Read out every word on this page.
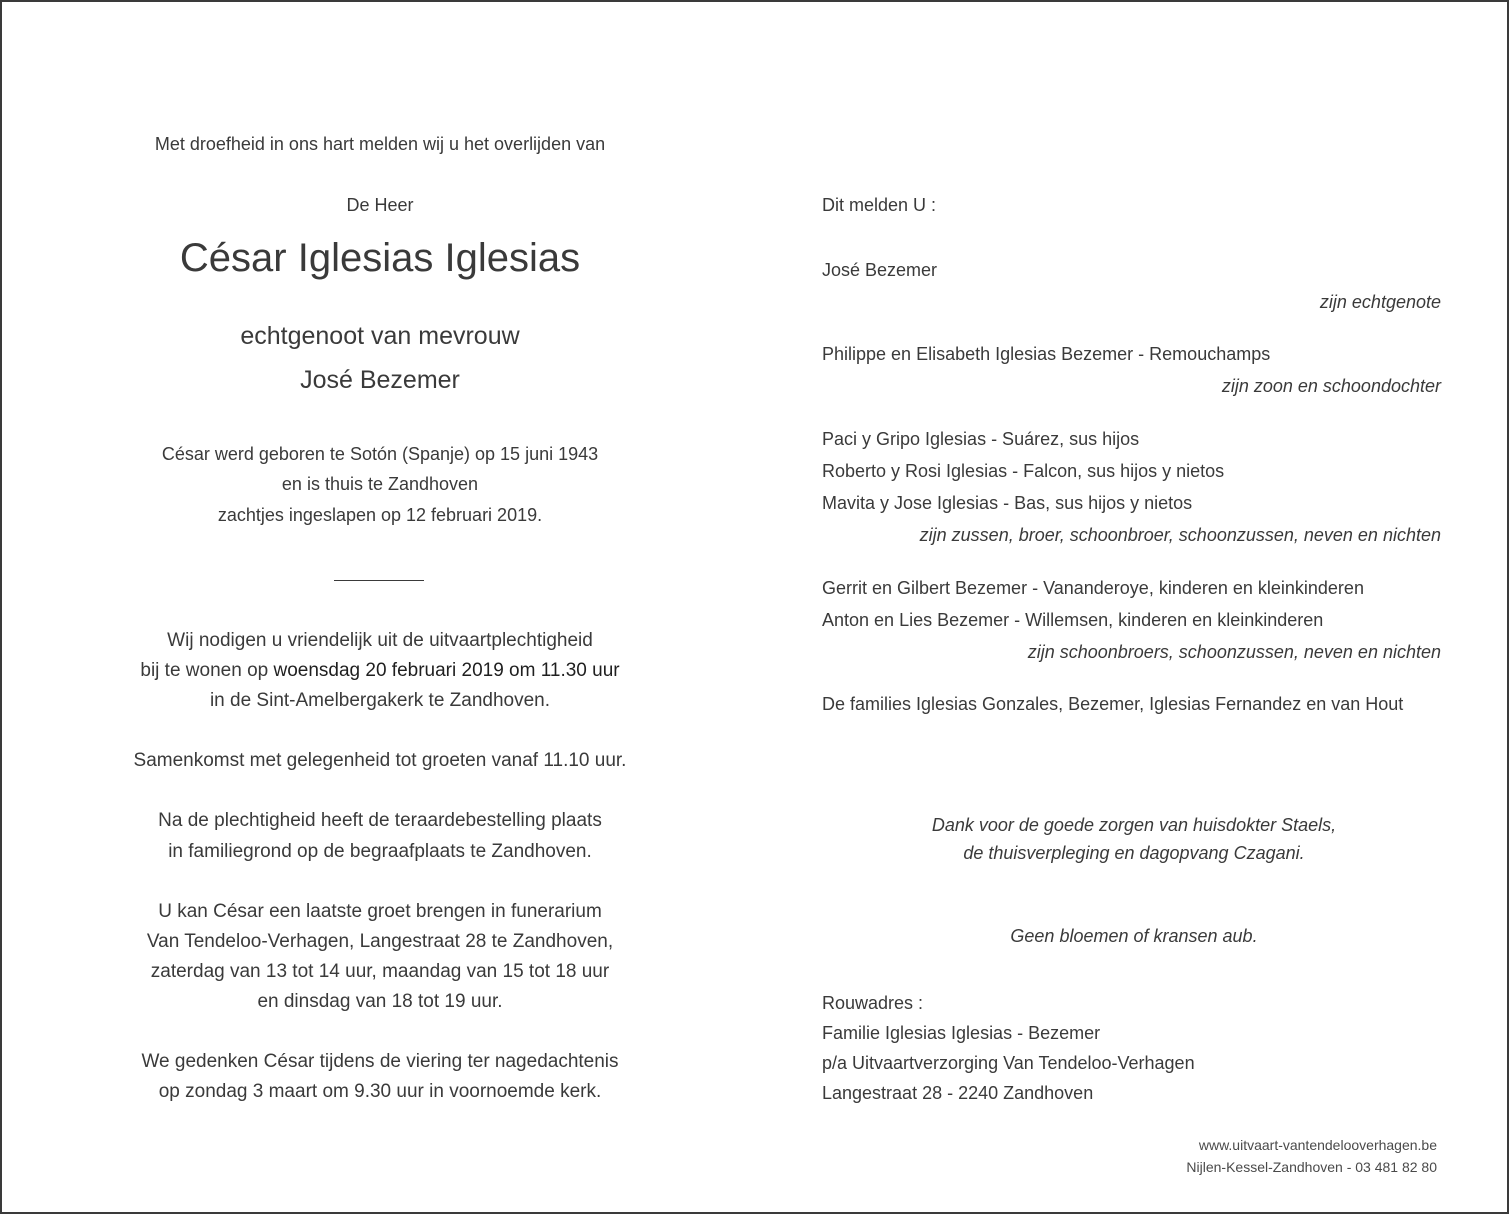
Met droefheid in ons hart melden wij u het overlijden van
De Heer
César Iglesias Iglesias
echtgenoot van mevrouw
José Bezemer
César werd geboren te Sotón (Spanje) op 15 juni 1943
en is thuis te Zandhoven
zachtjes ingeslapen op 12 februari 2019.
Wij nodigen u vriendelijk uit de uitvaartplechtigheid
bij te wonen op woensdag 20 februari 2019 om 11.30 uur
in de Sint-Amelbergakerk te Zandhoven.
Samenkomst met gelegenheid tot groeten vanaf 11.10 uur.
Na de plechtigheid heeft de teraardebestelling plaats
in familiegrond op de begraafplaats te Zandhoven.
U kan César een laatste groet brengen in funerarium
Van Tendeloo-Verhagen, Langestraat 28 te Zandhoven,
zaterdag van 13 tot 14 uur, maandag van 15 tot 18 uur
en dinsdag van 18 tot 19 uur.
We gedenken César tijdens de viering ter nagedachtenis
op zondag 3 maart om 9.30 uur in voornoemde kerk.
Dit melden U :
José Bezemer
zijn echtgenote
Philippe en Elisabeth Iglesias Bezemer - Remouchamps
zijn zoon en schoondochter
Paci y Gripo Iglesias - Suárez, sus hijos
Roberto y Rosi Iglesias - Falcon, sus hijos y nietos
Mavita y Jose Iglesias - Bas, sus hijos y nietos
zijn zussen, broer, schoonbroer, schoonzussen, neven en nichten
Gerrit en Gilbert Bezemer - Vananderoye, kinderen en kleinkinderen
Anton en Lies Bezemer - Willemsen, kinderen en kleinkinderen
zijn schoonbroers, schoonzussen, neven en nichten
De families Iglesias Gonzales, Bezemer, Iglesias Fernandez en van Hout
Dank voor de goede zorgen van huisdokter Staels,
de thuisverpleging en dagopvang Czagani.
Geen bloemen of kransen aub.
Rouwadres :
Familie Iglesias Iglesias - Bezemer
p/a Uitvaartverzorging Van Tendeloo-Verhagen
Langestraat 28 - 2240 Zandhoven
www.uitvaart-vantendelooverhagen.be
Nijlen-Kessel-Zandhoven - 03 481 82 80
